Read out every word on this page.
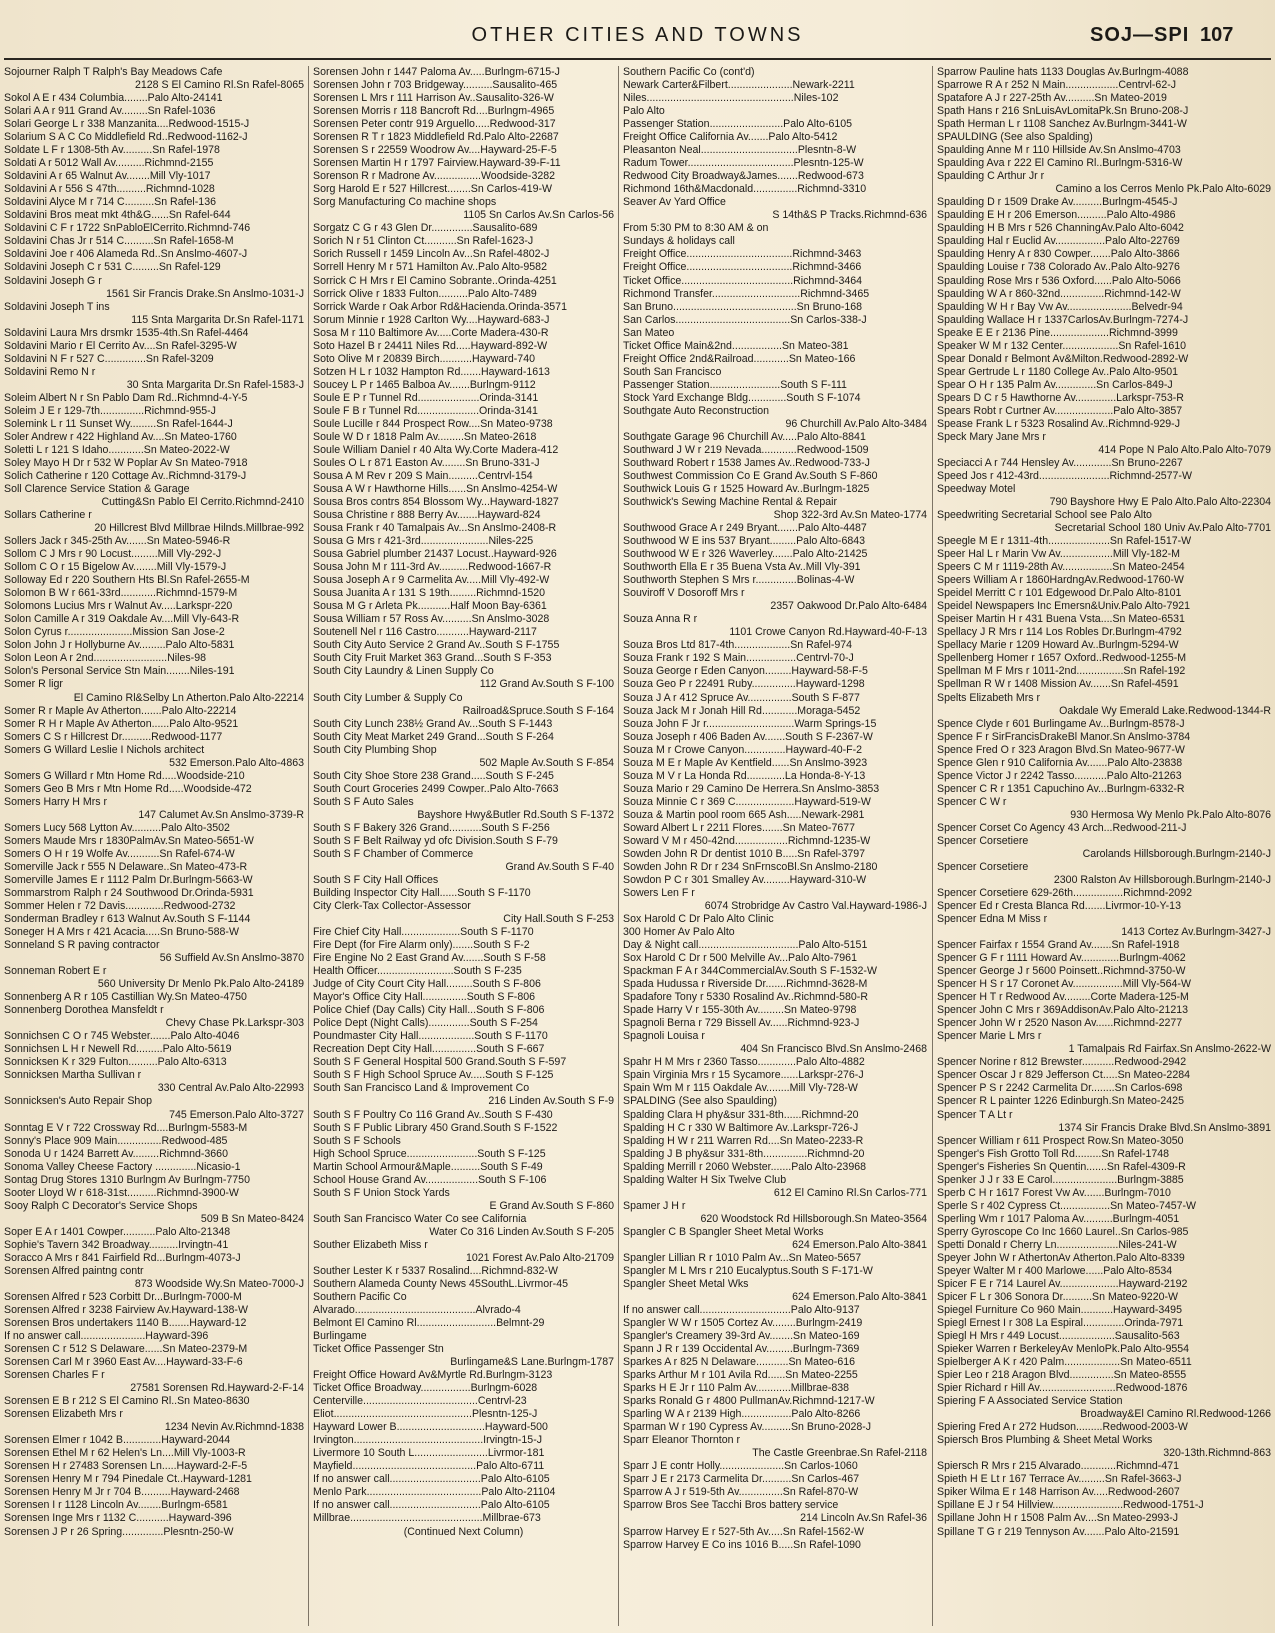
OTHER CITIES AND TOWNS	SOJ—SPI 107
Sojourner Ralph T Ralph's Bay Meadows Cafe
2128 S El Camino Rl.Sn Rafel-8065
Sokol A E r 434 Columbia........Palo Alto-24141
Solari A A r 911 Grand Av.........Sn Rafel-1036
Solari George L r 338 Manzanita....Redwood-1515-J
Solarium S A C Co Middlefield Rd..Redwood-1162-J
Soldate L F r 1308-5th Av..........Sn Rafel-1978
Soldati A r 5012 Wall Av..........Richmnd-2155
Soldavini A r 65 Walnut Av........Mill Vly-1017
Soldavini A r 556 S 47th..........Richmnd-1028
Soldavini Alyce M r 714 C..........Sn Rafel-136
Soldavini Bros meat mkt 4th&G......Sn Rafel-644
Soldavini C F r 1722 SnPabloElCerrito.Richmnd-746
Soldavini Chas Jr r 514 C..........Sn Rafel-1658-M
Soldavini Joe r 406 Alameda Rd..Sn Anslmo-4607-J
Soldavini Joseph C r 531 C.........Sn Rafel-129
Soldavini Joseph G r
1561 Sir Francis Drake.Sn Anslmo-1031-J
Soldavini Joseph T ins
115 Snta Margarita Dr.Sn Rafel-1171
Soldavini Laura Mrs drsmkr 1535-4th.Sn Rafel-4464
Soldavini Mario r El Cerrito Av....Sn Rafel-3295-W
Soldavini N F r 527 C..............Sn Rafel-3209
Soldavini Remo N r
30 Snta Margarita Dr.Sn Rafel-1583-J
Soleim Albert N r Sn Pablo Dam Rd..Richmnd-4-Y-5
Soleim J E r 129-7th...............Richmnd-955-J
Solemink L r 11 Sunset Wy.........Sn Rafel-1644-J
Soler Andrew r 422 Highland Av....Sn Mateo-1760
Soletti L r 121 S Idaho............Sn Mateo-2022-W
Soley Mayo H Dr r 532 W Poplar Av Sn Mateo-7918
Solich Catherine r 120 Cottage Av..Richmnd-3179-J
Soll Clarence Service Station & Garage
Cutting&Sn Pablo El Cerrito.Richmnd-2410
Sollars Catherine r
20 Hillcrest Blvd Millbrae Hilnds.Millbrae-992
Sollers Jack r 345-25th Av.......Sn Mateo-5946-R
Sollom C J Mrs r 90 Locust.........Mill Vly-292-J
Sollom C O r 15 Bigelow Av........Mill Vly-1579-J
Solloway Ed r 220 Southern Hts Bl.Sn Rafel-2655-M
Solomon B W r 661-33rd............Richmnd-1579-M
Solomons Lucius Mrs r Walnut Av.....Larkspr-220
Solon Camille A r 319 Oakdale Av....Mill Vly-643-R
Solon Cyrus r......................Mission San Jose-2
Solon John J r Hollyburne Av.........Palo Alto-5831
Solon Leon A r 2nd.........................Niles-98
Solon's Personal Service Stn Main........Niles-191
Somer R ligr
El Camino Rl&Selby Ln Atherton.Palo Alto-22214
Somer R r Maple Av Atherton.......Palo Alto-22214
Somer R H r Maple Av Atherton......Palo Alto-9521
Somers C S r Hillcrest Dr..........Redwood-1177
Somers G Willard Leslie I Nichols architect
532 Emerson.Palo Alto-4863
Somers G Willard r Mtn Home Rd.....Woodside-210
Somers Geo B Mrs r Mtn Home Rd.....Woodside-472
Somers Harry H Mrs r
147 Calumet Av.Sn Anslmo-3739-R
Somers Lucy 568 Lytton Av..........Palo Alto-3502
Somers Maude Mrs r 1830PalmAv.Sn Mateo-5651-W
Somers O H r 19 Wolfe Av...........Sn Rafel-674-W
Somerville Jack r 555 N Delaware..Sn Mateo-473-R
Somerville James E r 1112 Palm Dr.Burlngm-5663-W
Sommarstrom Ralph r 24 Southwood Dr.Orinda-5931
Sommer Helen r 72 Davis.............Redwood-2732
Sonderman Bradley r 613 Walnut Av.South S F-1144
Soneger H A Mrs r 421 Acacia.....Sn Bruno-588-W
Sonneland S R paving contractor
56 Suffield Av.Sn Anslmo-3870
Sonneman Robert E r
560 University Dr Menlo Pk.Palo Alto-24189
Sonnenberg A R r 105 Castillian Wy.Sn Mateo-4750
Sonnenberg Dorothea Mansfeldt r
Chevy Chase Pk.Larkspr-303
Sonnichsen C O r 745 Webster.......Palo Alto-4046
Sonnichsen L H r Newell Rd.........Palo Alto-5619
Sonnicksen K r 329 Fulton..........Palo Alto-6313
Sonnicksen Martha Sullivan r
330 Central Av.Palo Alto-22993
Sonnicksen's Auto Repair Shop
745 Emerson.Palo Alto-3727
Sonntag E V r 722 Crossway Rd....Burlngm-5583-M
Sonny's Place 909 Main...............Redwood-485
Sonoda U r 1424 Barrett Av.........Richmnd-3660
Sonoma Valley Cheese Factory ..............Nicasio-1
Sontag Drug Stores 1310 Burlngm Av Burlngm-7750
Sooter Lloyd W r 618-31st..........Richmnd-3900-W
Sooy Ralph C Decorator's Service Shops
509 B Sn Mateo-8424
Soper E A r 1401 Cowper...........Palo Alto-21348
Sophie's Tavern 342 Broadway..........Irvingtn-41
Soracco A Mrs r 841 Fairfield Rd...Burlngm-4073-J
Sorensen Alfred paintng contr
873 Woodside Wy.Sn Mateo-7000-J
Sorensen Alfred r 523 Corbitt Dr...Burlngm-7000-M
Sorensen Alfred r 3238 Fairview Av.Hayward-138-W
Sorensen Bros undertakers 1140 B.......Hayward-12
If no answer call......................Hayward-396
Sorensen C r 512 S Delaware......Sn Mateo-2379-M
Sorensen Carl M r 3960 East Av....Hayward-33-F-6
Sorensen Charles F r
27581 Sorensen Rd.Hayward-2-F-14
Sorensen E B r 212 S El Camino Rl..Sn Mateo-8630
Sorensen Elizabeth Mrs r
1234 Nevin Av.Richmnd-1838
Sorensen Elmer r 1042 B.............Hayward-2044
Sorensen Ethel M r 62 Helen's Ln....Mill Vly-1003-R
Sorensen H r 27483 Sorensen Ln.....Hayward-2-F-5
Sorensen Henry M r 794 Pinedale Ct..Hayward-1281
Sorensen Henry M Jr r 704 B..........Hayward-2468
Sorensen I r 1128 Lincoln Av........Burlngm-6581
Sorensen Inge Mrs r 1132 C...........Hayward-396
Sorensen J P r 26 Spring..............Plesntn-250-W
Sorensen John r 1447 Paloma Av.....Burlngm-6715-J
Sorensen John r 703 Bridgeway..........Sausalito-465
Sorensen L Mrs r 111 Harrison Av..Sausalito-326-W
Sorensen Morris r 118 Bancroft Rd....Burlngm-4965
Sorensen Peter contr 919 Arguello.....Redwood-317
Sorensen R T r 1823 Middlefield Rd.Palo Alto-22687
Sorensen S r 22559 Woodrow Av....Hayward-25-F-5
Sorensen Martin H r 1797 Fairview.Hayward-39-F-11
Sorenson R r Madrone Av................Woodside-3282
Sorg Harold E r 527 Hillcrest........Sn Carlos-419-W
Sorg Manufacturing Co machine shops
1105 Sn Carlos Av.Sn Carlos-56
Sorgatz C G r 43 Glen Dr..............Sausalito-689
Sorich N r 51 Clinton Ct...........Sn Rafel-1623-J
Sorich Russell r 1459 Lincoln Av...Sn Rafel-4802-J
Sorrell Henry M r 571 Hamilton Av..Palo Alto-9582
Sorrick C H Mrs r El Camino Sobrante..Orinda-4251
Sorrick Olive r 1833 Fulton..........Palo Alto-7489
Sorrick Warde r Oak Arbor Rd&Hacienda.Orinda-3571
Sorum Minnie r 1928 Carlton Wy....Hayward-683-J
Sosa M r 110 Baltimore Av.....Corte Madera-430-R
Soto Hazel B r 24411 Niles Rd.....Hayward-892-W
Soto Olive M r 20839 Birch...........Hayward-740
Sotzen H L r 1032 Hampton Rd.......Hayward-1613
Soucey L P r 1465 Balboa Av.......Burlngm-9112
Soule E P r Tunnel Rd.....................Orinda-3141
Soule F B r Tunnel Rd.....................Orinda-3141
Soule Lucille r 844 Prospect Row....Sn Mateo-9738
Soule W D r 1818 Palm Av.........Sn Mateo-2618
Soule William Daniel r 40 Alta Wy.Corte Madera-412
Soules O L r 871 Easton Av........Sn Bruno-331-J
Sousa A M Rev r 209 S Main..........Centrvl-154
Sousa A W r Hawthorne Hills......Sn Anslmo-4254-W
Sousa Bros contrs 854 Blossom Wy...Hayward-1827
Sousa Christine r 888 Berry Av.......Hayward-824
Sousa Frank r 40 Tamalpais Av...Sn Anslmo-2408-R
Sousa G Mrs r 421-3rd.......................Niles-225
Sousa Gabriel plumber 21437 Locust..Hayward-926
Sousa John M r 111-3rd Av..........Redwood-1667-R
Sousa Joseph A r 9 Carmelita Av.....Mill Vly-492-W
Sousa Juanita A r 131 S 19th.........Richmnd-1520
Sousa M G r Arleta Pk...........Half Moon Bay-6361
Sousa William r 57 Ross Av..........Sn Anslmo-3028
Soutenell Nel r 116 Castro...........Hayward-2117
South City Auto Service 2 Grand Av..South S F-1755
South City Fruit Market 363 Grand...South S F-353
South City Laundry & Linen Supply Co
112 Grand Av.South S F-100
South City Lumber & Supply Co
Railroad&Spruce.South S F-164
South City Lunch 238½ Grand Av...South S F-1443
South City Meat Market 249 Grand...South S F-264
South City Plumbing Shop
502 Maple Av.South S F-854
South City Shoe Store 238 Grand.....South S F-245
South Court Groceries 2499 Cowper..Palo Alto-7663
South S F Auto Sales
Bayshore Hwy&Butler Rd.South S F-1372
South S F Bakery 326 Grand...........South S F-256
South S F Belt Railway yd ofc Division.South S F-79
South S F Chamber of Commerce
Grand Av.South S F-40
South S F City Hall Offices
Building Inspector City Hall......South S F-1170
City Clerk-Tax Collector-Assessor
City Hall.South S F-253
Fire Chief City Hall....................South S F-1170
Fire Dept (for Fire Alarm only).......South S F-2
Fire Engine No 2 East Grand Av.......South S F-58
Health Officer..........................South S F-235
Judge of City Court City Hall.........South S F-806
Mayor's Office City Hall...............South S F-806
Police Chief (Day Calls) City Hall...South S F-806
Police Dept (Night Calls)..............South S F-254
Poundmaster City Hall...................South S F-1170
Recreation Dept City Hall...............South S F-667
South S F General Hospital 500 Grand.South S F-597
South S F High School Spruce Av.....South S F-125
South San Francisco Land & Improvement Co
216 Linden Av.South S F-9
South S F Poultry Co 116 Grand Av..South S F-430
South S F Public Library 450 Grand.South S F-1522
South S F Schools
High School Spruce........................South S F-125
Martin School Armour&Maple..........South S F-49
School House Grand Av..................South S F-106
South S F Union Stock Yards
E Grand Av.South S F-860
South San Francisco Water Co see California
Water Co 316 Linden Av.South S F-205
Souther Elizabeth Miss r
1021 Forest Av.Palo Alto-21709
Souther Lester K r 5337 Rosalind....Richmnd-832-W
Southern Alameda County News 45SouthL.Livrmor-45
Southern Pacific Co
Alvarado.........................................Alvrado-4
Belmont El Camino Rl...........................Belmnt-29
Burlingame
Ticket Office Passenger Stn
Burlingame&S Lane.Burlngm-1787
Freight Office Howard Av&Myrtle Rd.Burlngm-3123
Ticket Office Broadway.................Burlngm-6028
Centerville.......................................Centrvl-23
Eliot...............................................Plesntn-125-J
Hayward Lower B..............................Hayward-500
Irvington............................................Irvingtn-15-J
Livermore 10 South L.........................Livrmor-181
Mayfield..........................................Palo Alto-6711
If no answer call...............................Palo Alto-6105
Menlo Park.......................................Palo Alto-21104
If no answer call...............................Palo Alto-6105
Millbrae.............................................Millbrae-673
(Continued Next Column)
Southern Pacific Co (cont'd)
Newark Carter&Filbert......................Newark-2211
Niles..................................................Niles-102
Palo Alto
Passenger Station.........................Palo Alto-6105
Freight Office California Av.......Palo Alto-5412
Pleasanton Neal.................................Plesntn-8-W
Radum Tower....................................Plesntn-125-W
Redwood City Broadway&James.......Redwood-673
Richmond 16th&Macdonald...............Richmnd-3310
Seaver Av Yard Office
S 14th&S P Tracks.Richmnd-636
From 5:30 PM to 8:30 AM & on
Sundays & holidays call
Freight Office....................................Richmnd-3463
Freight Office....................................Richmnd-3466
Ticket Office......................................Richmnd-3464
Richmond Transfer..............................Richmnd-3465
San Bruno..........................................Sn Bruno-168
San Carlos.......................................Sn Carlos-338-J
San Mateo
Ticket Office Main&2nd.................Sn Mateo-381
Freight Office 2nd&Railroad............Sn Mateo-166
South San Francisco
Passenger Station........................South S F-111
Stock Yard Exchange Bldg.............South S F-1074
Southgate Auto Reconstruction
96 Churchill Av.Palo Alto-3484
Southgate Garage 96 Churchill Av.....Palo Alto-8841
Southward J W r 219 Nevada............Redwood-1509
Southward Robert r 1538 James Av..Redwood-733-J
Southwest Commission Co E Grand Av.South S F-860
Southwick Louis G r 1525 Howard Av..Burlngm-1825
Southwick's Sewing Machine Rental & Repair
Shop 322-3rd Av.Sn Mateo-1774
Southwood Grace A r 249 Bryant.......Palo Alto-4487
Southwood W E ins 537 Bryant.........Palo Alto-6843
Southwood W E r 326 Waverley.......Palo Alto-21425
Southworth Ella E r 35 Buena Vsta Av..Mill Vly-391
Southworth Stephen S Mrs r..............Bolinas-4-W
Souviroff V Dosoroff Mrs r
2357 Oakwood Dr.Palo Alto-6484
Souza Anna R r
1101 Crowe Canyon Rd.Hayward-40-F-13
Souza Bros Ltd 817-4th...................Sn Rafel-974
Souza Frank r 192 S Main.................Centrvl-70-J
Souza George r Eden Canyon.........Hayward-58-F-5
Souza Geo P r 22491 Ruby...............Hayward-1298
Souza J A r 412 Spruce Av...............South S F-877
Souza Jack M r Jonah Hill Rd............Moraga-5452
Souza John F Jr r..............................Warm Springs-15
Souza Joseph r 406 Baden Av.......South S F-2367-W
Souza M r Crowe Canyon..............Hayward-40-F-2
Souza M E r Maple Av Kentfield......Sn Anslmo-3923
Souza M V r La Honda Rd.............La Honda-8-Y-13
Souza Mario r 29 Camino De Herrera.Sn Anslmo-3853
Souza Minnie C r 369 C....................Hayward-519-W
Souza & Martin pool room 665 Ash.....Newark-2981
Soward Albert L r 2211 Flores.......Sn Mateo-7677
Soward V M r 450-42nd..................Richmnd-1235-W
Sowden John R Dr dentist 1010 B.....Sn Rafel-3797
Sowden John R Dr r 234 SnFrnscoBl.Sn Anslmo-2180
Sowdon P C r 301 Smalley Av.........Hayward-310-W
Sowers Len F r
6074 Strobridge Av Castro Val.Hayward-1986-J
Sox Harold C Dr Palo Alto Clinic
300 Homer Av Palo Alto
Day & Night call..................................Palo Alto-5151
Sox Harold C Dr r 500 Melville Av...Palo Alto-7961
Spackman F A r 344CommercialAv.South S F-1532-W
Spada Hudussa r Riverside Dr.......Richmnd-3628-M
Spadafore Tony r 5330 Rosalind Av..Richmnd-580-R
Spade Harry V r 155-30th Av.........Sn Mateo-9798
Spagnoli Berna r 729 Bissell Av......Richmnd-923-J
Spagnoli Louisa r
404 Sn Francisco Blvd.Sn Anslmo-2468
Spahr H M Mrs r 2360 Tasso.............Palo Alto-4882
Spain Virginia Mrs r 15 Sycamore......Larkspr-276-J
Spain Wm M r 115 Oakdale Av........Mill Vly-728-W
SPALDING (See also Spaulding)
Spalding Clara H phy&sur 331-8th......Richmnd-20
Spalding H C r 330 W Baltimore Av..Larkspr-726-J
Spalding H W r 211 Warren Rd....Sn Mateo-2233-R
Spalding J B phy&sur 331-8th...............Richmnd-20
Spalding Merrill r 2060 Webster.......Palo Alto-23968
Spalding Walter H Six Twelve Club
612 El Camino Rl.Sn Carlos-771
Spamer J H r
620 Woodstock Rd Hillsborough.Sn Mateo-3564
Spangler C B Spangler Sheet Metal Works
624 Emerson.Palo Alto-3841
Spangler Lillian R r 1010 Palm Av...Sn Mateo-5657
Spangler M L Mrs r 210 Eucalyptus.South S F-171-W
Spangler Sheet Metal Wks
624 Emerson.Palo Alto-3841
If no answer call...............................Palo Alto-9137
Spangler W W r 1505 Cortez Av........Burlngm-2419
Spangler's Creamery 39-3rd Av........Sn Mateo-169
Spann J R r 139 Occidental Av.........Burlngm-7369
Sparkes A r 825 N Delaware...........Sn Mateo-616
Sparks Arthur M r 101 Avila Rd......Sn Mateo-2255
Sparks H E Jr r 110 Palm Av............Millbrae-838
Sparks Ronald G r 4800 PullmanAv.Richmnd-1217-W
Sparling W A r 2139 High.................Palo Alto-8266
Sparman W r 190 Cypress Av..........Sn Bruno-2028-J
Sparr Eleanor Thornton r
The Castle Greenbrae.Sn Rafel-2118
Sparr J E contr Holly......................Sn Carlos-1060
Sparr J E r 2173 Carmelita Dr..........Sn Carlos-467
Sparrow A J r 519-5th Av...............Sn Rafel-870-W
Sparrow Bros See Tacchi Bros battery service
214 Lincoln Av.Sn Rafel-36
Sparrow Harvey E r 527-5th Av.....Sn Rafel-1562-W
Sparrow Harvey E Co ins 1016 B.....Sn Rafel-1090
Sparrow Pauline hats 1133 Douglas Av.Burlngm-4088
Sparrowe R A r 252 N Main..................Centrvl-62-J
Spatafore A J r 227-25th Av..........Sn Mateo-2019
Spath Hans r 216 SnLuisAvLomitaPk.Sn Bruno-208-J
Spath Herman L r 1108 Sanchez Av.Burlngm-3441-W
SPAULDING (See also Spalding)
Spaulding Anne M r 110 Hillside Av.Sn Anslmo-4703
Spaulding Ava r 222 El Camino Rl..Burlngm-5316-W
Spaulding C Arthur Jr r
Camino a los Cerros Menlo Pk.Palo Alto-6029
Spaulding D r 1509 Drake Av..........Burlngm-4545-J
Spaulding E H r 206 Emerson..........Palo Alto-4986
Spaulding H B Mrs r 526 ChanningAv.Palo Alto-6042
Spaulding Hal r Euclid Av.................Palo Alto-22769
Spaulding Henry A r 830 Cowper.......Palo Alto-3866
Spaulding Louise r 738 Colorado Av..Palo Alto-9276
Spaulding Rose Mrs r 536 Oxford......Palo Alto-5066
Spaulding W A r 860-32nd...............Richmnd-142-W
Spaulding W H r Bay Vw Av......................Belvedr-94
Spaulding Wallace H r 1337CarlosAv.Burlngm-7274-J
Speake E E r 2136 Pine....................Richmnd-3999
Speaker W M r 132 Center...................Sn Rafel-1610
Spear Donald r Belmont Av&Milton.Redwood-2892-W
Spear Gertrude L r 1180 College Av..Palo Alto-9501
Spear O H r 135 Palm Av..............Sn Carlos-849-J
Spears D C r 5 Hawthorne Av..............Larkspr-753-R
Spears Robt r Curtner Av....................Palo Alto-3857
Spease Frank L r 5323 Rosalind Av..Richmnd-929-J
Speck Mary Jane Mrs r
414 Pope N Palo Alto.Palo Alto-7079
Speciacci A r 744 Hensley Av.............Sn Bruno-2267
Speed Jos r 412-43rd........................Richmnd-2577-W
Speedway Motel
790 Bayshore Hwy E Palo Alto.Palo Alto-22304
Speedwriting Secretarial School see Palo Alto
Secretarial School 180 Univ Av.Palo Alto-7701
Speegle M E r 1311-4th.....................Sn Rafel-1517-W
Speer Hal L r Marin Vw Av..................Mill Vly-182-M
Speers C M r 1119-28th Av.................Sn Mateo-2454
Speers William A r 1860HardngAv.Redwood-1760-W
Speidel Merritt C r 101 Edgewood Dr.Palo Alto-8101
Speidel Newspapers Inc Emersn&Univ.Palo Alto-7921
Speiser Martin H r 431 Buena Vsta....Sn Mateo-6531
Spellacy J R Mrs r 114 Los Robles Dr.Burlngm-4792
Spellacy Marie r 1209 Howard Av..Burlngm-5294-W
Spellenberg Homer r 1657 Oxford..Redwood-1255-M
Spellman M F Mrs r 1011-2nd................Sn Rafel-192
Spellman R W r 1408 Mission Av.......Sn Rafel-4591
Spelts Elizabeth Mrs r
Oakdale Wy Emerald Lake.Redwood-1344-R
Spence Clyde r 601 Burlingame Av...Burlngm-8578-J
Spence F r SirFrancisDrakeBl Manor.Sn Anslmo-3784
Spence Fred O r 323 Aragon Blvd.Sn Mateo-9677-W
Spence Glen r 910 California Av.......Palo Alto-23838
Spence Victor J r 2242 Tasso...........Palo Alto-21263
Spencer C R r 1351 Capuchino Av...Burlngm-6332-R
Spencer C W r
930 Hermosa Wy Menlo Pk.Palo Alto-8076
Spencer Corset Co Agency 43 Arch...Redwood-211-J
Spencer Corsetiere
Carolands Hillsborough.Burlngm-2140-J
Spencer Corsetiere
2300 Ralston Av Hillsborough.Burlngm-2140-J
Spencer Corsetiere 629-26th.................Richmnd-2092
Spencer Ed r Cresta Blanca Rd.......Livrmor-10-Y-13
Spencer Edna M Miss r
1413 Cortez Av.Burlngm-3427-J
Spencer Fairfax r 1554 Grand Av.......Sn Rafel-1918
Spencer G F r 1111 Howard Av.............Burlngm-4062
Spencer George J r 5600 Poinsett..Richmnd-3750-W
Spencer H S r 17 Coronet Av.................Mill Vly-564-W
Spencer H T r Redwood Av.........Corte Madera-125-M
Spencer John C Mrs r 369AddisonAv.Palo Alto-21213
Spencer John W r 2520 Nason Av......Richmnd-2277
Spencer Marie L Mrs r
1 Tamalpais Rd Fairfax.Sn Anslmo-2622-W
Spencer Norine r 812 Brewster...........Redwood-2942
Spencer Oscar J r 829 Jefferson Ct.....Sn Mateo-2284
Spencer P S r 2242 Carmelita Dr........Sn Carlos-698
Spencer R L painter 1226 Edinburgh.Sn Mateo-2425
Spencer T A Lt r
1374 Sir Francis Drake Blvd.Sn Anslmo-3891
Spencer William r 611 Prospect Row.Sn Mateo-3050
Spenger's Fish Grotto Toll Rd.........Sn Rafel-1748
Spenger's Fisheries Sn Quentin.......Sn Rafel-4309-R
Spenker J J r 33 E Carol......................Burlngm-3885
Sperb C H r 1617 Forest Vw Av.......Burlngm-7010
Sperle S r 402 Cypress Ct.................Sn Mateo-7457-W
Sperling Wm r 1017 Paloma Av..........Burlngm-4051
Sperry Gyroscope Co Inc 1660 Laurel..Sn Carlos-985
Spetti Donald r Cherry Ln.....................Niles-241-W
Speyer John W r AthertonAv Atherton.Palo Alto-8339
Speyer Walter M r 400 Marlowe......Palo Alto-8534
Spicer F E r 714 Laurel Av....................Hayward-2192
Spicer F L r 306 Sonora Dr..........Sn Mateo-9220-W
Spiegel Furniture Co 960 Main...........Hayward-3495
Spiegl Ernest I r 308 La Espiral..............Orinda-7971
Spiegl H Mrs r 449 Locust...................Sausalito-563
Spieker Warren r BerkeleyAv MenloPk.Palo Alto-9554
Spielberger A K r 420 Palm...................Sn Mateo-6511
Spier Leo r 218 Aragon Blvd...............Sn Mateo-8555
Spier Richard r Hill Av..........................Redwood-1876
Spiering F A Associated Service Station
Broadway&El Camino Rl.Redwood-1266
Spiering Fred A r 272 Hudson.........Redwood-2003-W
Spiersch Bros Plumbing & Sheet Metal Works
320-13th.Richmnd-863
Spiersch R Mrs r 215 Alvarado............Richmnd-471
Spieth H E Lt r 167 Terrace Av.........Sn Rafel-3663-J
Spiker Wilma E r 148 Harrison Av.....Redwood-2607
Spillane E J r 54 Hillview........................Redwood-1751-J
Spillane John H r 1508 Palm Av....Sn Mateo-2993-J
Spillane T G r 219 Tennyson Av.......Palo Alto-21591
